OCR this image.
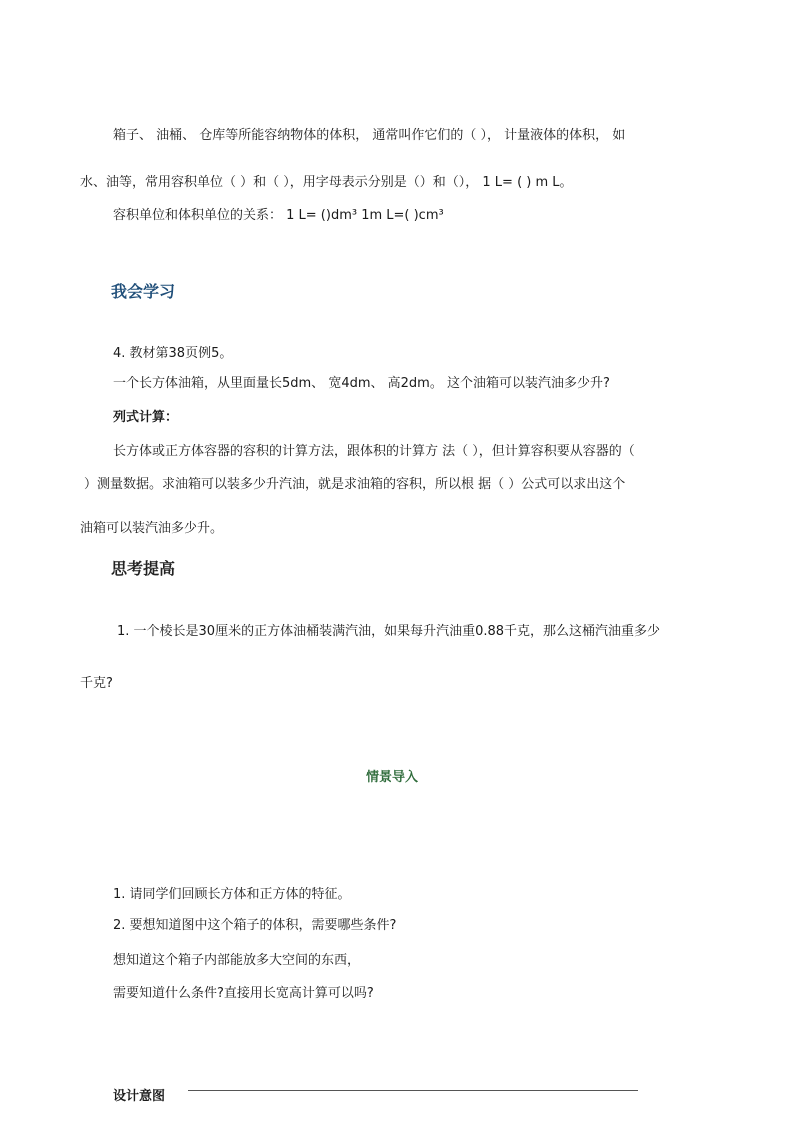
箱子、 油桶、 仓库等所能容纳物体的体积， 通常叫作它们的（ ）， 计量液体的体积， 如
水、油等，常用容积单位（ ）和（ ），用字母表示分别是（）和（）， 1 L= ( ) m L。
容积单位和体积单位的关系： 1 L= ()dm³ 1m L=( )cm³
我会学习
4. 教材第38页例5。
一个长方体油箱，从里面量长5dm、 宽4dm、 高2dm。 这个油箱可以装汽油多少升?
列式计算：
长方体或正方体容器的容积的计算方法，跟体积的计算方 法（ ），但计算容积要从容器的（
）测量数据。求油箱可以装多少升汽油，就是求油箱的容积，所以根 据（ ）公式可以求出这个
油箱可以装汽油多少升。
思考提高
1. 一个棱长是30厘米的正方体油桶装满汽油，如果每升汽油重0.88千克，那么这桶汽油重多少
千克?
情景导入
1. 请同学们回顾长方体和正方体的特征。
2. 要想知道图中这个箱子的体积，需要哪些条件?
想知道这个箱子内部能放多大空间的东西，
需要知道什么条件?直接用长宽高计算可以吗?
设计意图
